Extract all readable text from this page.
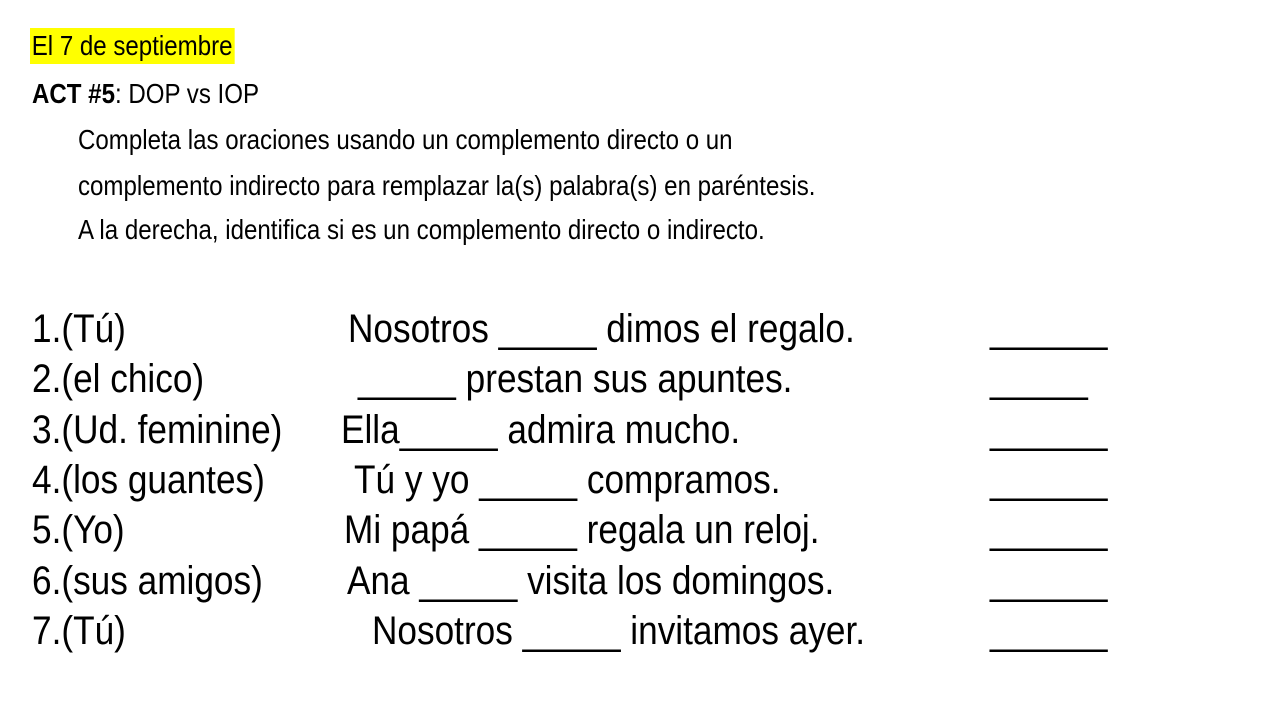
El 7 de septiembre
ACT #5: DOP vs IOP
Completa las oraciones usando un complemento directo o un
complemento indirecto para remplazar la(s) palabra(s) en paréntesis.
A la derecha, identifica si es un complemento directo o indirecto.
1.(Tú)	Nosotros _____ dimos el regalo.	______
2.(el chico)	_____ prestan sus apuntes.	_____
3.(Ud. feminine) Ella_____ admira mucho.	______
4.(los guantes) Tú y yo _____ compramos.	______
5.(Yo)	Mi papá _____ regala un reloj.	______
6.(sus amigos) Ana _____ visita los domingos.	______
7.(Tú)	Nosotros _____ invitamos ayer.	______
